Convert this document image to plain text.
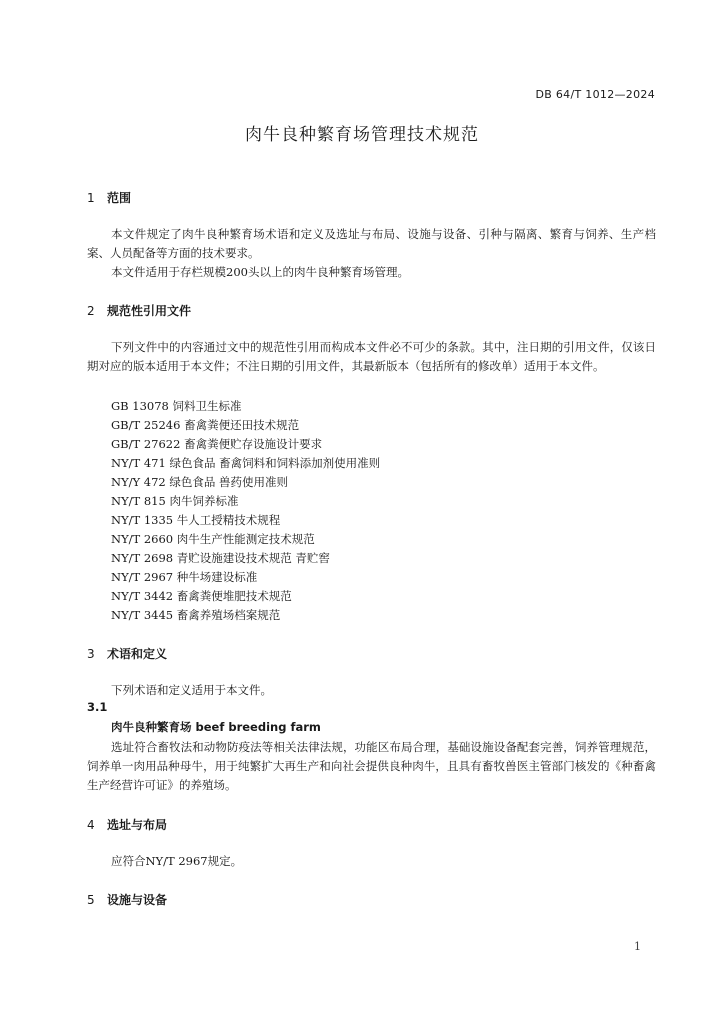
DB 64/T 1012—2024
肉牛良种繁育场管理技术规范
1 范围
本文件规定了肉牛良种繁育场术语和定义及选址与布局、设施与设备、引种与隔离、繁育与饲养、生产档案、人员配备等方面的技术要求。
本文件适用于存栏规模200头以上的肉牛良种繁育场管理。
2 规范性引用文件
下列文件中的内容通过文中的规范性引用而构成本文件必不可少的条款。其中，注日期的引用文件，仅该日期对应的版本适用于本文件；不注日期的引用文件，其最新版本（包括所有的修改单）适用于本文件。
GB 13078 饲料卫生标准
GB/T 25246 畜禽粪便还田技术规范
GB/T 27622 畜禽粪便贮存设施设计要求
NY/T 471 绿色食品 畜禽饲料和饲料添加剂使用准则
NY/Y 472 绿色食品 兽药使用准则
NY/T 815 肉牛饲养标准
NY/T 1335 牛人工授精技术规程
NY/T 2660 肉牛生产性能测定技术规范
NY/T 2698 青贮设施建设技术规范 青贮窖
NY/T 2967 种牛场建设标准
NY/T 3442 畜禽粪便堆肥技术规范
NY/T 3445 畜禽养殖场档案规范
3 术语和定义
下列术语和定义适用于本文件。
3.1
肉牛良种繁育场 beef breeding farm
选址符合畜牧法和动物防疫法等相关法律法规，功能区布局合理，基础设施设备配套完善，饲养管理规范，饲养单一肉用品种母牛，用于纯繁扩大再生产和向社会提供良种肉牛，且具有畜牧兽医主管部门核发的《种畜禽生产经营许可证》的养殖场。
4 选址与布局
应符合NY/T 2967规定。
5 设施与设备
1
